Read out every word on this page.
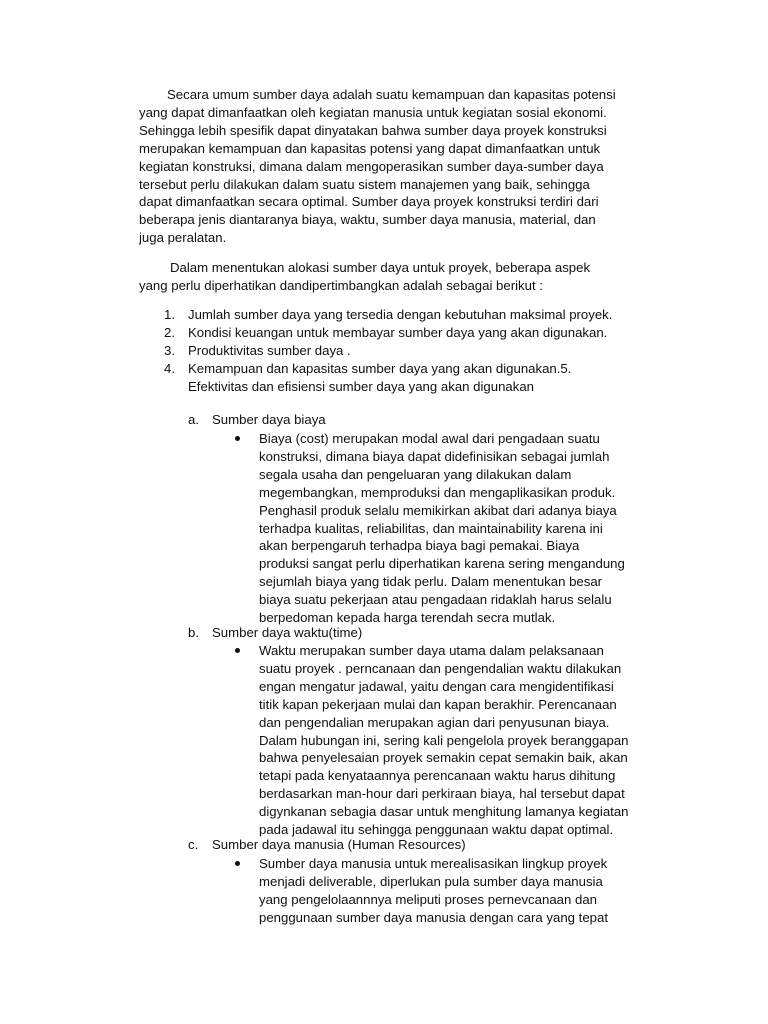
Secara umum sumber daya adalah suatu kemampuan dan kapasitas potensi
yang dapat dimanfaatkan oleh kegiatan manusia untuk kegiatan sosial ekonomi.
Sehingga lebih spesifik dapat dinyatakan bahwa sumber daya proyek konstruksi
merupakan kemampuan dan kapasitas potensi yang dapat dimanfaatkan untuk
kegiatan konstruksi, dimana dalam mengoperasikan sumber daya-sumber daya
tersebut perlu dilakukan dalam suatu sistem manajemen yang baik, sehingga
dapat dimanfaatkan secara optimal. Sumber daya proyek konstruksi terdiri dari
beberapa jenis diantaranya biaya, waktu, sumber daya manusia, material, dan
juga peralatan.

Dalam menentukan alokasi sumber daya untuk proyek, beberapa aspek
yang perlu diperhatikan dandipertimbangkan adalah sebagai berikut :

1. Jumlah sumber daya yang tersedia dengan kebutuhan maksimal proyek.
2. Kondisi keuangan untuk membayar sumber daya yang akan digunakan.
3. Produktivitas sumber daya .
4. Kemampuan dan kapasitas sumber daya yang akan digunakan.5.
Efektivitas dan efisiensi sumber daya yang akan digunakan
a. Sumber daya biaya
Biaya (cost) merupakan modal awal dari pengadaan suatu
konstruksi, dimana biaya dapat didefinisikan sebagai jumlah
segala usaha dan pengeluaran yang dilakukan dalam
megembangkan, memproduksi dan mengaplikasikan produk.
Penghasil produk selalu memikirkan akibat dari adanya biaya
terhadpa kualitas, reliabilitas, dan maintainability karena ini
akan berpengaruh terhadpa biaya bagi pemakai. Biaya
produksi sangat perlu diperhatikan karena sering mengandung
sejumlah biaya yang tidak perlu. Dalam menentukan besar
biaya suatu pekerjaan atau pengadaan ridaklah harus selalu
berpedoman kepada harga terendah secra mutlak.
b. Sumber daya waktu(time)
Waktu merupakan sumber daya utama dalam pelaksanaan
suatu proyek . perncanaan dan pengendalian waktu dilakukan
engan mengatur jadawal, yaitu dengan cara mengidentifikasi
titik kapan pekerjaan mulai dan kapan berakhir. Perencanaan
dan pengendalian merupakan agian dari penyusunan biaya.
Dalam hubungan ini, sering kali pengelola proyek beranggapan
bahwa penyelesaian proyek semakin cepat semakin baik, akan
tetapi pada kenyataannya perencanaan waktu harus dihitung
berdasarkan man-hour dari perkiraan biaya, hal tersebut dapat
digynkanan sebagia dasar untuk menghitung lamanya kegiatan
pada jadawal itu sehingga penggunaan waktu dapat optimal.
c. Sumber daya manusia (Human Resources)
Sumber daya manusia untuk merealisasikan lingkup proyek
menjadi deliverable, diperlukan pula sumber daya manusia
yang pengelolaannnya meliputi proses pernevcanaan dan
penggunaan sumber daya manusia dengan cara yang tepat
